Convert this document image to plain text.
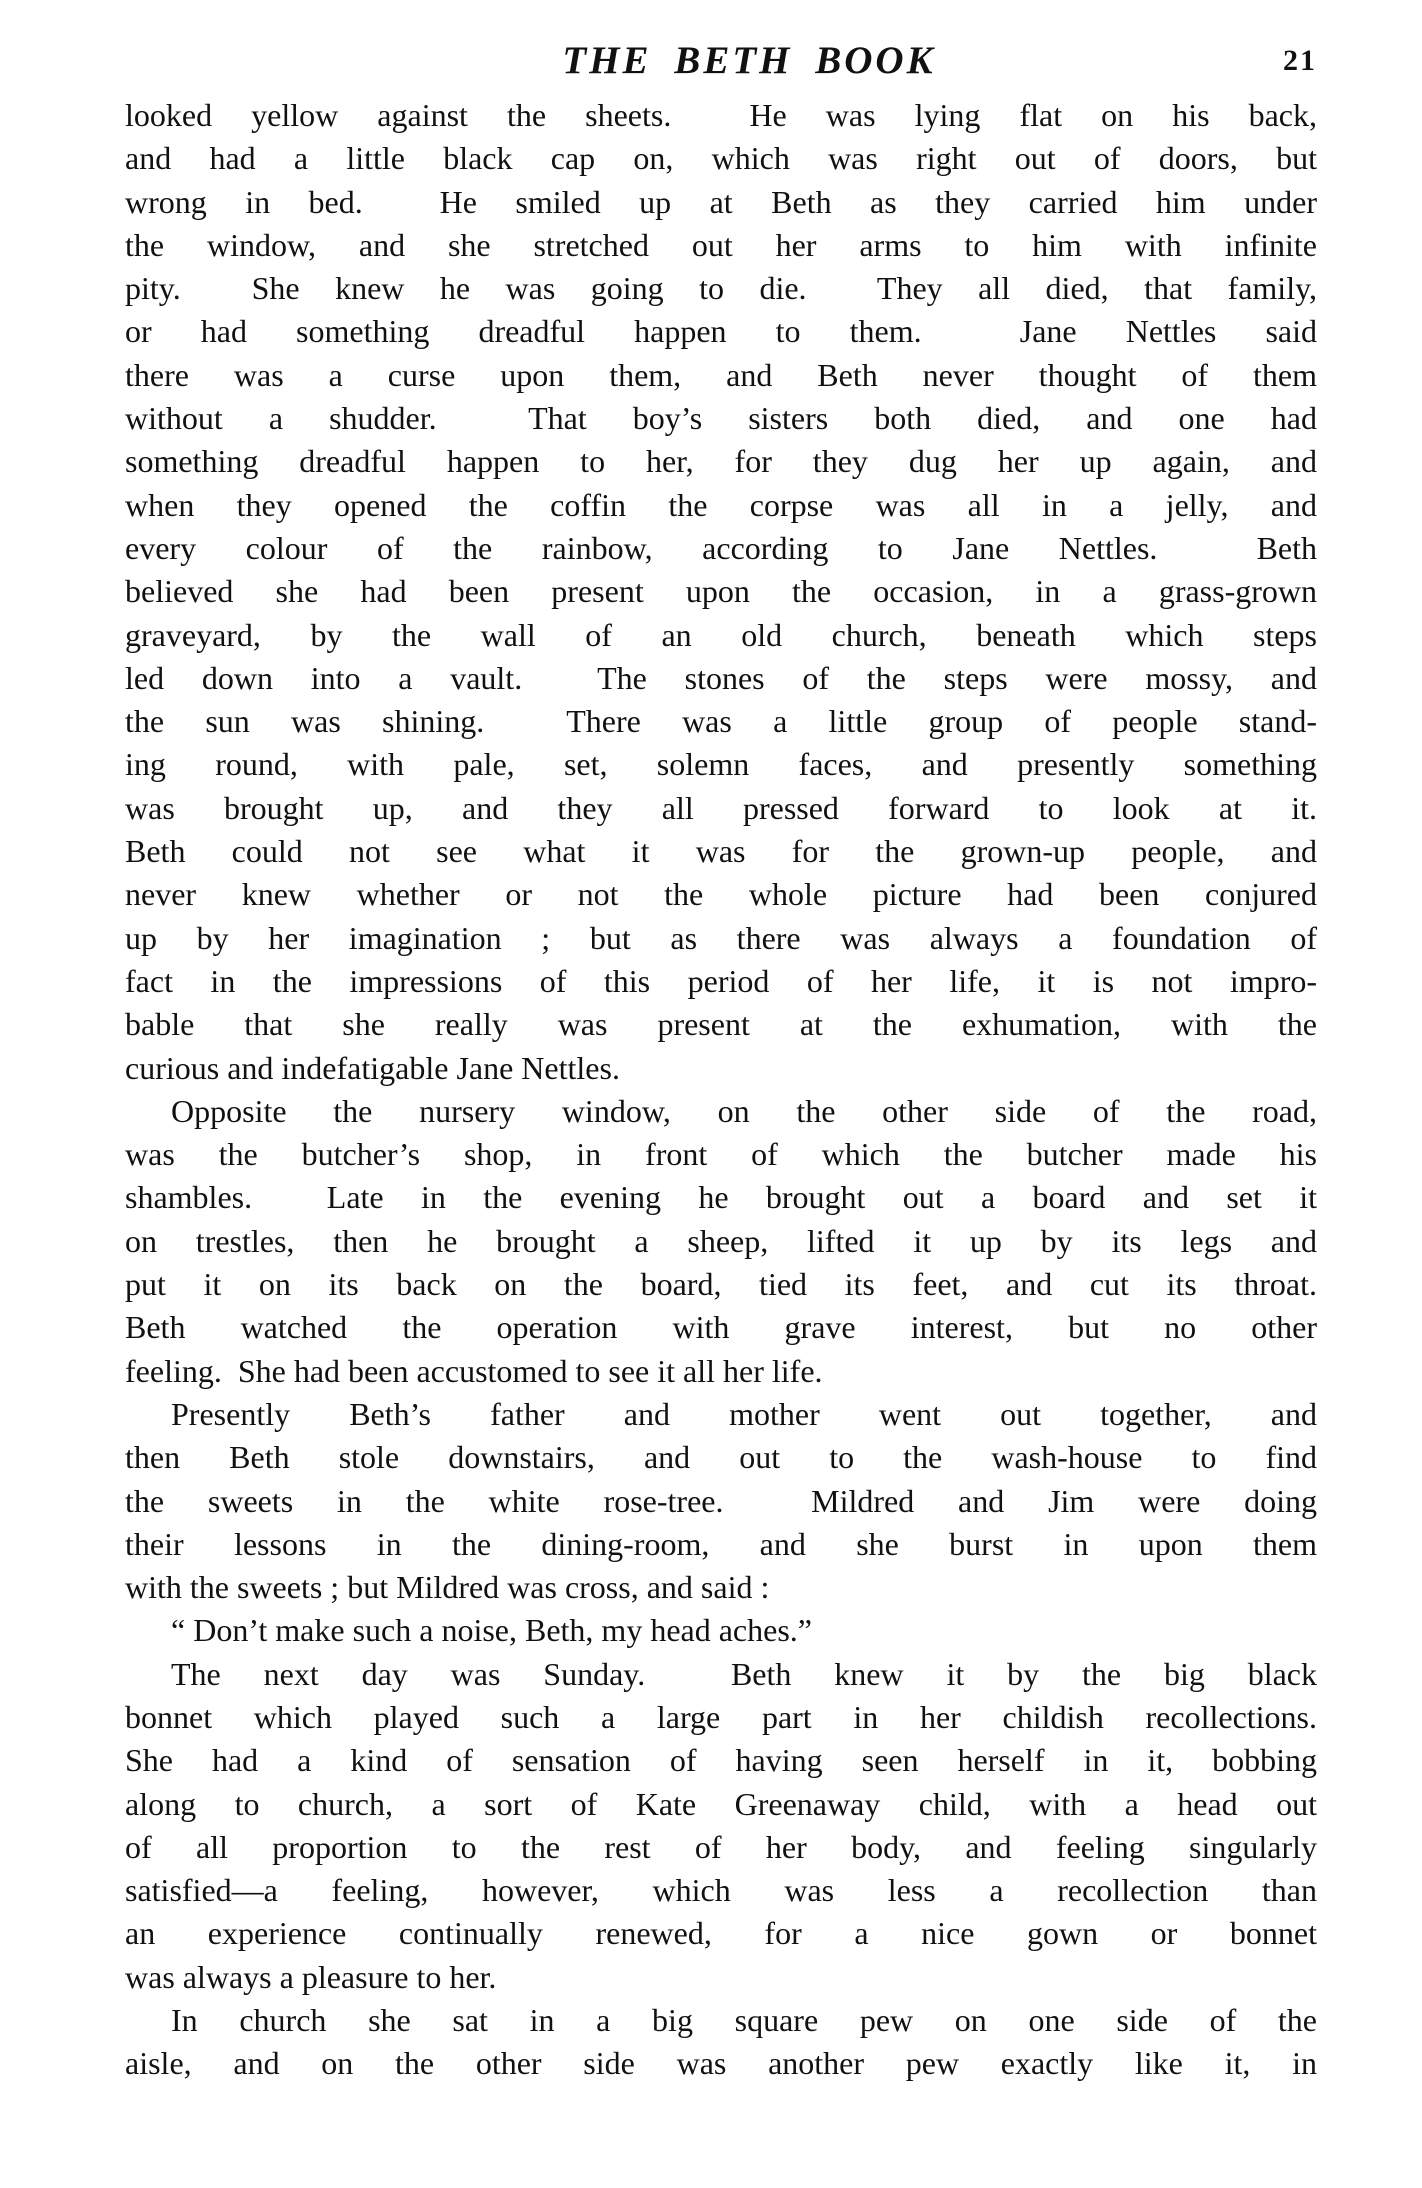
THE BETH BOOK	21
looked yellow against the sheets.  He was lying flat on his back,
and had a little black cap on, which was right out of doors, but
wrong in bed.  He smiled up at Beth as they carried him under
the window, and she stretched out her arms to him with infinite
pity.  She knew he was going to die.  They all died, that family,
or had something dreadful happen to them.  Jane Nettles said
there was a curse upon them, and Beth never thought of them
without a shudder.  That boy’s sisters both died, and one had
something dreadful happen to her, for they dug her up again, and
when they opened the coffin the corpse was all in a jelly, and
every colour of the rainbow, according to Jane Nettles.  Beth
believed she had been present upon the occasion, in a grass-grown
graveyard, by the wall of an old church, beneath which steps
led down into a vault.  The stones of the steps were mossy, and
the sun was shining.  There was a little group of people stand-
ing round, with pale, set, solemn faces, and presently something
was brought up, and they all pressed forward to look at it.
Beth could not see what it was for the grown-up people, and
never knew whether or not the whole picture had been conjured
up by her imagination ; but as there was always a foundation of
fact in the impressions of this period of her life, it is not impro-
bable that she really was present at the exhumation, with the
curious and indefatigable Jane Nettles.
Opposite the nursery window, on the other side of the road,
was the butcher’s shop, in front of which the butcher made his
shambles.  Late in the evening he brought out a board and set it
on trestles, then he brought a sheep, lifted it up by its legs and
put it on its back on the board, tied its feet, and cut its throat.
Beth watched the operation with grave interest, but no other
feeling.  She had been accustomed to see it all her life.
Presently Beth’s father and mother went out together, and
then Beth stole downstairs, and out to the wash-house to find
the sweets in the white rose-tree.  Mildred and Jim were doing
their lessons in the dining-room, and she burst in upon them
with the sweets ; but Mildred was cross, and said :
“ Don’t make such a noise, Beth, my head aches.”
The next day was Sunday.  Beth knew it by the big black
bonnet which played such a large part in her childish recollections.
She had a kind of sensation of having seen herself in it, bobbing
along to church, a sort of Kate Greenaway child, with a head out
of all proportion to the rest of her body, and feeling singularly
satisfied—a feeling, however, which was less a recollection than
an experience continually renewed, for a nice gown or bonnet
was always a pleasure to her.
In church she sat in a big square pew on one side of the
aisle, and on the other side was another pew exactly like it, in
